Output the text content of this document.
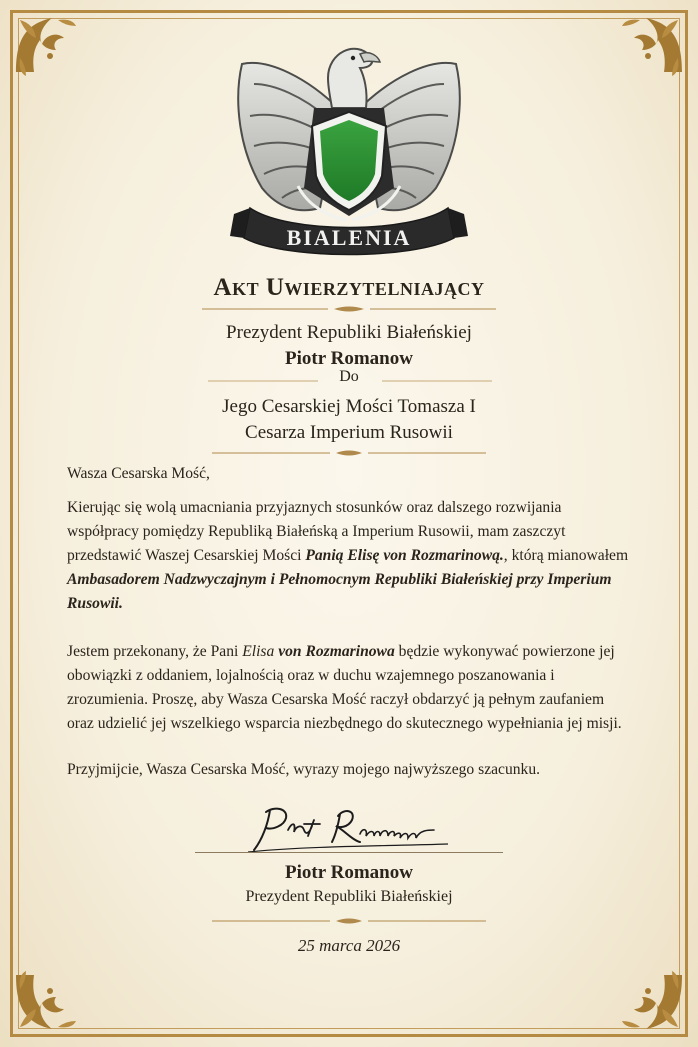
BIALENIA
Akt Uwierzytelniający
Prezydent Republiki Białeńskiej
Piotr Romanow
Do
Jego Cesarskiej Mości Tomasza I
Cesarza Imperium Rusowii
Wasza Cesarska Mość,

Kierując się wolą umacniania przyjaznych stosunków oraz dalszego rozwijania współpracy pomiędzy Republiką Białeńską a Imperium Rusowii, mam zaszczyt przedstawić Waszej Cesarskiej Mości Panią Elisę von Rozmarinową., którą mianowałem Ambasadorem Nadzwyczajnym i Pełnomocnym Republiki Białeńskiej przy Imperium Rusowii.

Jestem przekonany, że Pani Elisa von Rozmarinowa będzie wykonywać powierzone jej obowiązki z oddaniem, lojalnością oraz w duchu wzajemnego poszanowania i zrozumienia. Proszę, aby Wasza Cesarska Mość raczył obdarzyć ją pełnym zaufaniem oraz udzielić jej wszelkiego wsparcia niezbędnego do skutecznego wypełniania jej misji.

Przyjmijcie, Wasza Cesarska Mość, wyrazy mojego najwyższego szacunku.
Piotr Romanow
Prezydent Republiki Białeńskiej
25 marca 2026
